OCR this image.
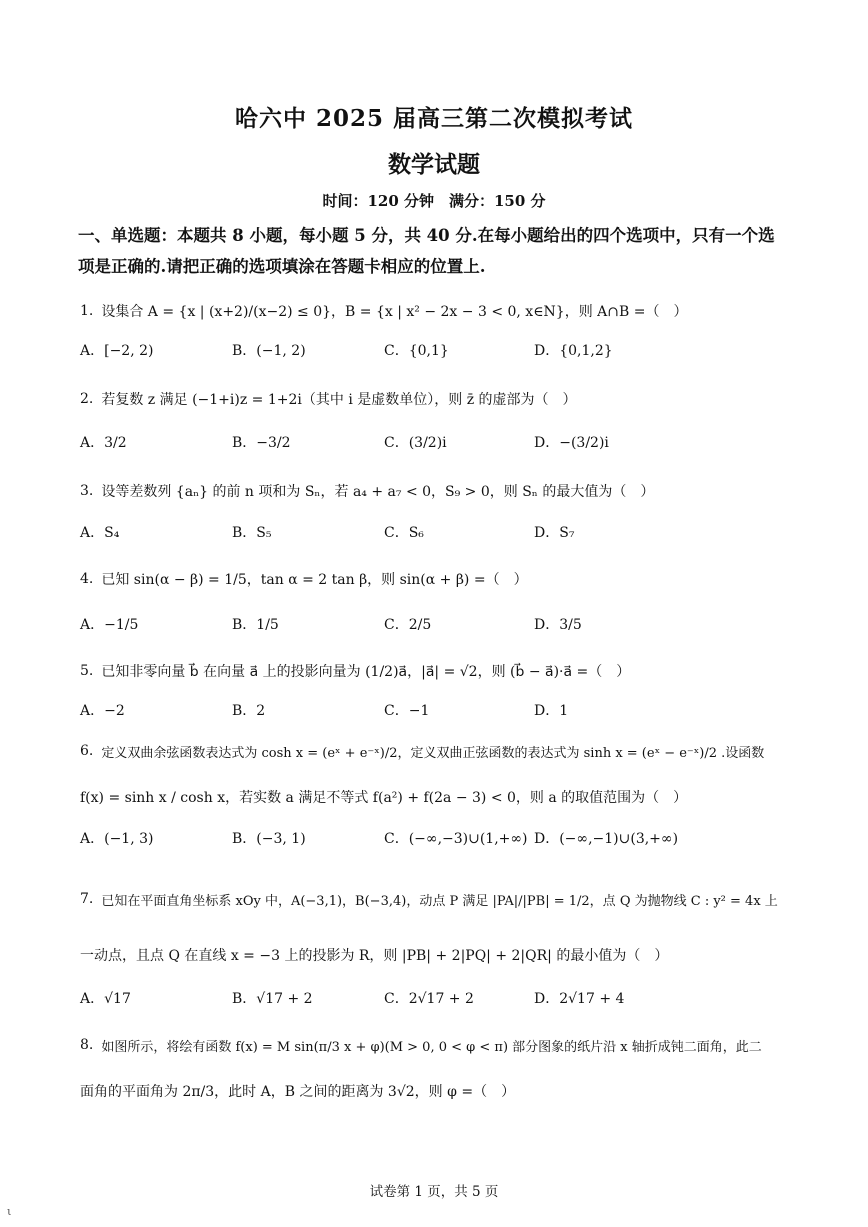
哈六中 2025 届高三第二次模拟考试
数学试题
时间：120 分钟　满分：150 分
一、单选题：本题共 8 小题，每小题 5 分，共 40 分.在每小题给出的四个选项中，只有一个选
项是正确的.请把正确的选项填涂在答题卡相应的位置上.
1. 设集合 A = {x | (x+2)/(x−2) ≤ 0}，B = {x | x² − 2x − 3 < 0, x∈N}，则 A∩B =（　）
A．[−2, 2)	B．(−1, 2)	C．{0,1}	D．{0,1,2}
2. 若复数 z 满足 (−1+i)z = 1+2i（其中 i 是虚数单位），则 z̄ 的虚部为（　）
A．3/2	B．−3/2	C．(3/2)i	D．−(3/2)i
3. 设等差数列 {aₙ} 的前 n 项和为 Sₙ，若 a₄ + a₇ < 0，S₉ > 0，则 Sₙ 的最大值为（　）
A．S₄	B．S₅	C．S₆	D．S₇
4. 已知 sin(α − β) = 1/5，tan α = 2 tan β，则 sin(α + β) =（　）
A．−1/5	B．1/5	C．2/5	D．3/5
5. 已知非零向量 b⃗ 在向量 a⃗ 上的投影向量为 (1/2)a⃗，|a⃗| = √2，则 (b⃗ − a⃗)·a⃗ =（　）
A．−2	B．2	C．−1	D．1
6. 定义双曲余弦函数表达式为 cosh x = (eˣ + e⁻ˣ)/2，定义双曲正弦函数的表达式为 sinh x = (eˣ − e⁻ˣ)/2 .设函数
f(x) = sinh x / cosh x，若实数 a 满足不等式 f(a²) + f(2a − 3) < 0，则 a 的取值范围为（　）
A．(−1, 3)	B．(−3, 1)	C．(−∞,−3)∪(1,+∞) D．(−∞,−1)∪(3,+∞)
7. 已知在平面直角坐标系 xOy 中，A(−3,1)，B(−3,4)，动点 P 满足 |PA|/|PB| = 1/2，点 Q 为抛物线 C : y² = 4x 上
一动点，且点 Q 在直线 x = −3 上的投影为 R，则 |PB| + 2|PQ| + 2|QR| 的最小值为（　）
A．√17	B．√17 + 2	C．2√17 + 2	D．2√17 + 4
8. 如图所示，将绘有函数 f(x) = M sin(π/3 x + φ)(M > 0, 0 < φ < π) 部分图象的纸片沿 x 轴折成钝二面角，此二
面角的平面角为 2π/3，此时 A，B 之间的距离为 3√2，则 φ =（　）
试卷第 1 页，共 5 页
ι
